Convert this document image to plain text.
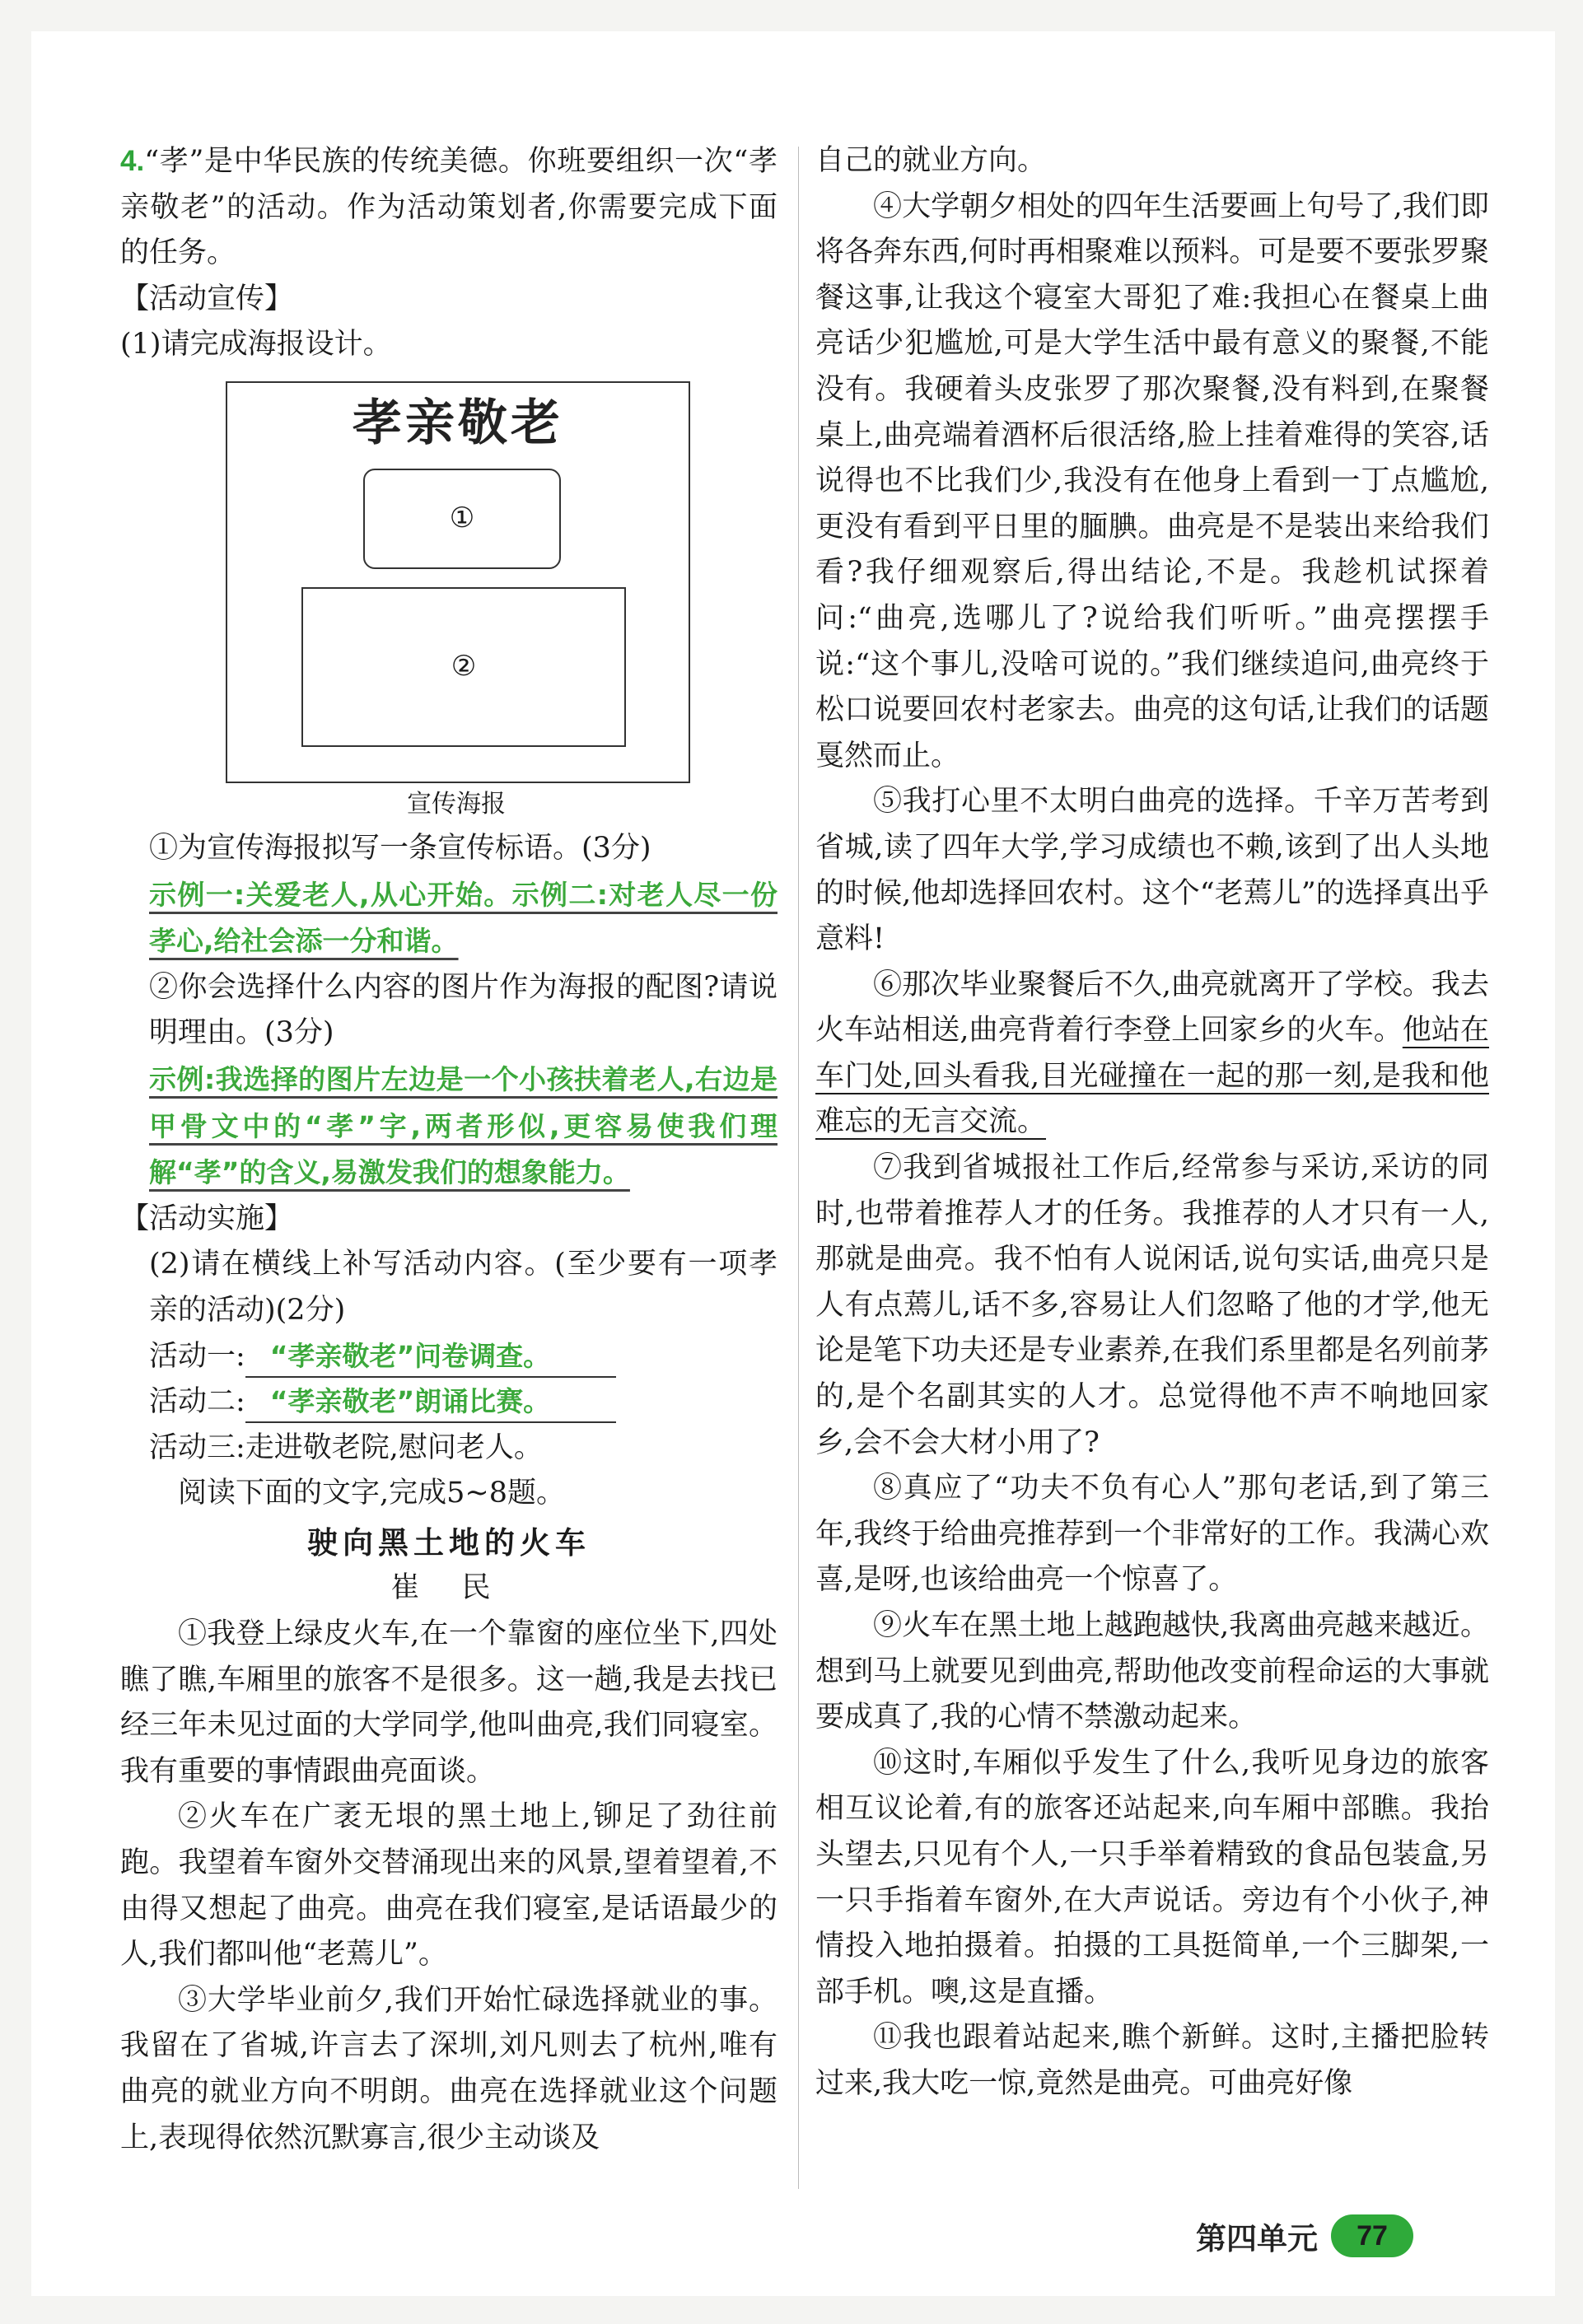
4.“孝”是中华民族的传统美德。你班要组织一次“孝亲敬老”的活动。作为活动策划者,你需要完成下面的任务。

【活动宣传】

(1)请完成海报设计。

孝亲敬老
①
②
宣传海报

①为宣传海报拟写一条宣传标语。(3分)

示例一:关爱老人,从心开始。示例二:对老人尽一份孝心,给社会添一分和谐。

②你会选择什么内容的图片作为海报的配图?请说明理由。(3分)

示例:我选择的图片左边是一个小孩扶着老人,右边是甲骨文中的“孝”字,两者形似,更容易使我们理解“孝”的含义,易激发我们的想象能力。

【活动实施】

(2)请在横线上补写活动内容。(至少要有一项孝亲的活动)(2分)

活动一: “孝亲敬老”问卷调查。

活动二: “孝亲敬老”朗诵比赛。

活动三:走进敬老院,慰问老人。

阅读下面的文字,完成5~8题。

驶向黑土地的火车

崔 民

①我登上绿皮火车,在一个靠窗的座位坐下,四处瞧了瞧,车厢里的旅客不是很多。这一趟,我是去找已经三年未见过面的大学同学,他叫曲亮,我们同寝室。我有重要的事情跟曲亮面谈。

②火车在广袤无垠的黑土地上,铆足了劲往前跑。我望着车窗外交替涌现出来的风景,望着望着,不由得又想起了曲亮。曲亮在我们寝室,是话语最少的人,我们都叫他“老蔫儿”。

③大学毕业前夕,我们开始忙碌选择就业的事。我留在了省城,许言去了深圳,刘凡则去了杭州,唯有曲亮的就业方向不明朗。曲亮在选择就业这个问题上,表现得依然沉默寡言,很少主动谈及

自己的就业方向。

④大学朝夕相处的四年生活要画上句号了,我们即将各奔东西,何时再相聚难以预料。可是要不要张罗聚餐这事,让我这个寝室大哥犯了难:我担心在餐桌上曲亮话少犯尴尬,可是大学生活中最有意义的聚餐,不能没有。我硬着头皮张罗了那次聚餐,没有料到,在聚餐桌上,曲亮端着酒杯后很活络,脸上挂着难得的笑容,话说得也不比我们少,我没有在他身上看到一丁点尴尬,更没有看到平日里的腼腆。曲亮是不是装出来给我们看?我仔细观察后,得出结论,不是。我趁机试探着问:“曲亮,选哪儿了?说给我们听听。”曲亮摆摆手说:“这个事儿,没啥可说的。”我们继续追问,曲亮终于松口说要回农村老家去。曲亮的这句话,让我们的话题戛然而止。

⑤我打心里不太明白曲亮的选择。千辛万苦考到省城,读了四年大学,学习成绩也不赖,该到了出人头地的时候,他却选择回农村。这个“老蔫儿”的选择真出乎意料!

⑥那次毕业聚餐后不久,曲亮就离开了学校。我去火车站相送,曲亮背着行李登上回家乡的火车。他站在车门处,回头看我,目光碰撞在一起的那一刻,是我和他难忘的无言交流。

⑦我到省城报社工作后,经常参与采访,采访的同时,也带着推荐人才的任务。我推荐的人才只有一人,那就是曲亮。我不怕有人说闲话,说句实话,曲亮只是人有点蔫儿,话不多,容易让人们忽略了他的才学,他无论是笔下功夫还是专业素养,在我们系里都是名列前茅的,是个名副其实的人才。总觉得他不声不响地回家乡,会不会大材小用了?

⑧真应了“功夫不负有心人”那句老话,到了第三年,我终于给曲亮推荐到一个非常好的工作。我满心欢喜,是呀,也该给曲亮一个惊喜了。

⑨火车在黑土地上越跑越快,我离曲亮越来越近。想到马上就要见到曲亮,帮助他改变前程命运的大事就要成真了,我的心情不禁激动起来。

⑩这时,车厢似乎发生了什么,我听见身边的旅客相互议论着,有的旅客还站起来,向车厢中部瞧。我抬头望去,只见有个人,一只手举着精致的食品包装盒,另一只手指着车窗外,在大声说话。旁边有个小伙子,神情投入地拍摄着。拍摄的工具挺简单,一个三脚架,一部手机。噢,这是直播。

⑪我也跟着站起来,瞧个新鲜。这时,主播把脸转过来,我大吃一惊,竟然是曲亮。可曲亮好像

第四单元	77
